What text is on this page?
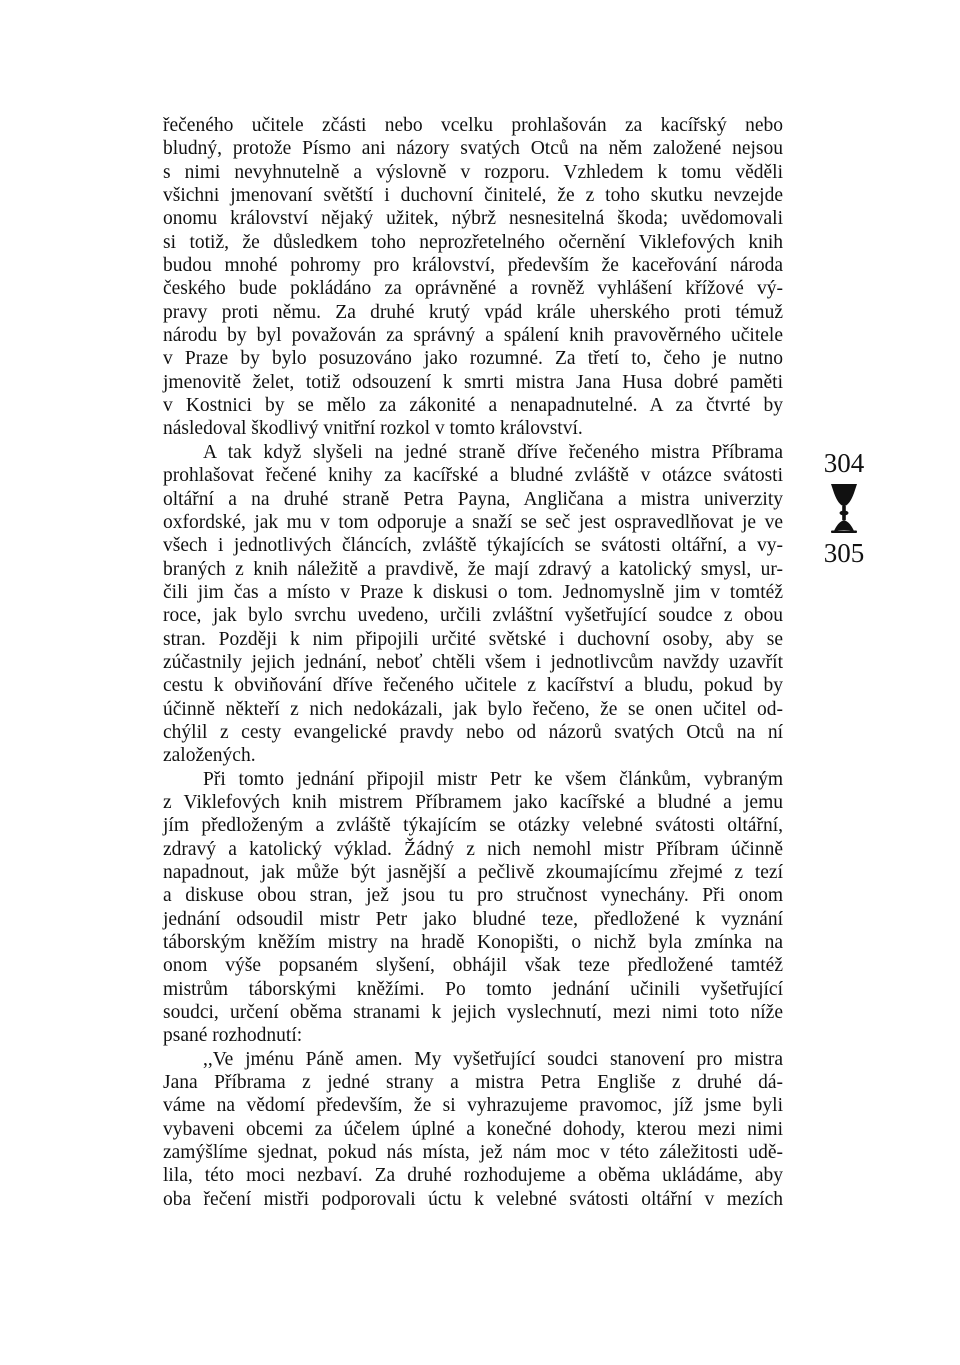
řečeného učitele zčásti nebo vcelku prohlašován za kacířský nebo
bludný, protože Písmo ani názory svatých Otců na něm založené nejsou
s nimi nevyhnutelně a výslovně v rozporu. Vzhledem k tomu věděli
všichni jmenovaní světští i duchovní činitelé, že z toho skutku nevzejde
onomu království nějaký užitek, nýbrž nesnesitelná škoda; uvědomovali
si totiž, že důsledkem toho neprozřetelného očernění Viklefových knih
budou mnohé pohromy pro království, především že kaceřování národa
českého bude pokládáno za oprávněné a rovněž vyhlášení křížové vý-
pravy proti němu. Za druhé krutý vpád krále uherského proti témuž
národu by byl považován za správný a spálení knih pravověrného učitele
v Praze by bylo posuzováno jako rozumné. Za třetí to, čeho je nutno
jmenovitě želet, totiž odsouzení k smrti mistra Jana Husa dobré paměti
v Kostnici by se mělo za zákonité a nenapadnutelné. A za čtvrté by
následoval škodlivý vnitřní rozkol v tomto království.
A tak když slyšeli na jedné straně dříve řečeného mistra Příbrama
prohlašovat řečené knihy za kacířské a bludné zvláště v otázce svátosti
oltářní a na druhé straně Petra Payna, Angličana a mistra univerzity
oxfordské, jak mu v tom odporuje a snaží se seč jest ospravedlňovat je ve
všech i jednotlivých článcích, zvláště týkajících se svátosti oltářní, a vy-
braných z knih náležitě a pravdivě, že mají zdravý a katolický smysl, ur-
čili jim čas a místo v Praze k diskusi o tom. Jednomyslně jim v tomtéž
roce, jak bylo svrchu uvedeno, určili zvláštní vyšetřující soudce z obou
stran. Později k nim připojili určité světské i duchovní osoby, aby se
zúčastnily jejich jednání, neboť chtěli všem i jednotlivcům navždy uzavřít
cestu k obviňování dříve řečeného učitele z kacířství a bludu, pokud by
účinně někteří z nich nedokázali, jak bylo řečeno, že se onen učitel od-
chýlil z cesty evangelické pravdy nebo od názorů svatých Otců na ní
založených.
Při tomto jednání připojil mistr Petr ke všem článkům, vybraným
z Viklefových knih mistrem Příbramem jako kacířské a bludné a jemu
jím předloženým a zvláště týkajícím se otázky velebné svátosti oltářní,
zdravý a katolický výklad. Žádný z nich nemohl mistr Příbram účinně
napadnout, jak může být jasnější a pečlivě zkoumajícímu zřejmé z tezí
a diskuse obou stran, jež jsou tu pro stručnost vynechány. Při onom
jednání odsoudil mistr Petr jako bludné teze, předložené k vyznání
táborským kněžím mistry na hradě Konopišti, o nichž byla zmínka na
onom výše popsaném slyšení, obhájil však teze předložené tamtéž
mistrům táborskými kněžími. Po tomto jednání učinili vyšetřující
soudci, určení oběma stranami k jejich vyslechnutí, mezi nimi toto níže
psané rozhodnutí:
,,Ve jménu Páně amen. My vyšetřující soudci stanovení pro mistra
Jana Příbrama z jedné strany a mistra Petra Engliše z druhé dá-
váme na vědomí především, že si vyhrazujeme pravomoc, jíž jsme byli
vybaveni obcemi za účelem úplné a konečné dohody, kterou mezi nimi
zamýšlíme sjednat, pokud nás místa, jež nám moc v této záležitosti udě-
lila, této moci nezbaví. Za druhé rozhodujeme a oběma ukládáme, aby
oba řečení mistři podporovali úctu k velebné svátosti oltářní v mezích
304
305
